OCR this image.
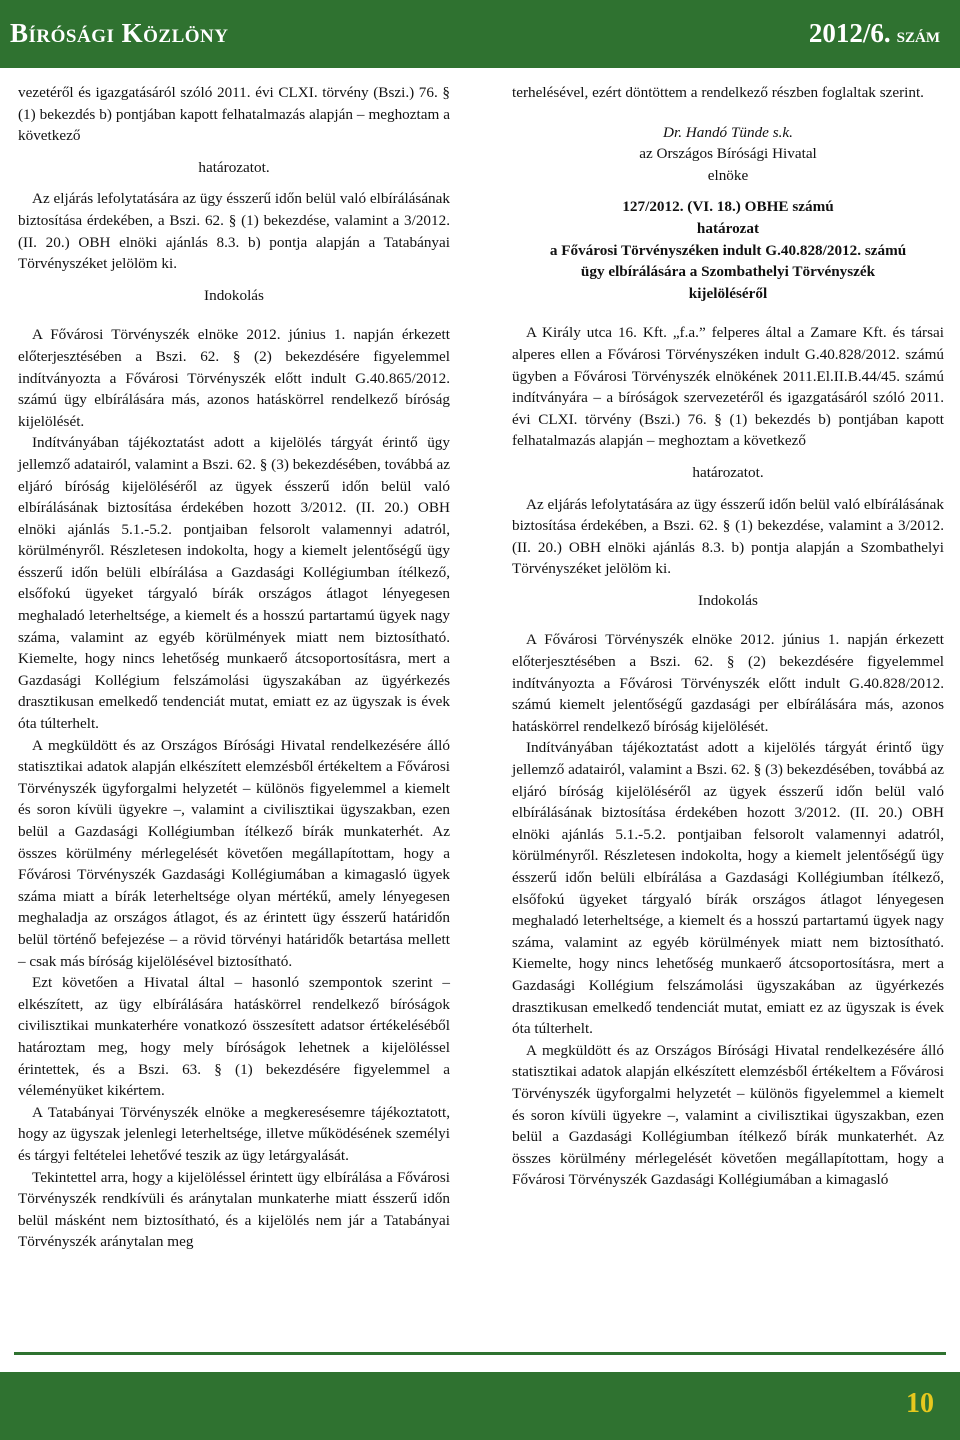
Bírósági Közlöny	2012/6. szám

vezetéről és igazgatásáról szóló 2011. évi CLXI. törvény (Bszi.) 76. § (1) bekezdés b) pontjában kapott felhatalmazás alapján – meghoztam a következő

határozatot.

Az eljárás lefolytatására az ügy ésszerű időn belül való elbírálásának biztosítása érdekében, a Bszi. 62. § (1) bekezdése, valamint a 3/2012. (II. 20.) OBH elnöki ajánlás 8.3. b) pontja alapján a Tatabányai Törvényszéket jelölöm ki.

Indokolás

A Fővárosi Törvényszék elnöke 2012. június 1. napján érkezett előterjesztésében a Bszi. 62. § (2) bekezdésére figyelemmel indítványozta a Fővárosi Törvényszék előtt indult G.40.865/2012. számú ügy elbírálására más, azonos hatáskörrel rendelkező bíróság kijelölését.

Indítványában tájékoztatást adott a kijelölés tárgyát érintő ügy jellemző adatairól, valamint a Bszi. 62. § (3) bekezdésében, továbbá az eljáró bíróság kijelöléséről az ügyek ésszerű időn belül való elbírálásának biztosítása érdekében hozott 3/2012. (II. 20.) OBH elnöki ajánlás 5.1.-5.2. pontjaiban felsorolt valamennyi adatról, körülményről. Részletesen indokolta, hogy a kiemelt jelentőségű ügy ésszerű időn belüli elbírálása a Gazdasági Kollégiumban ítélkező, elsőfokú ügyeket tárgyaló bírák országos átlagot lényegesen meghaladó leterheltsége, a kiemelt és a hosszú partartamú ügyek nagy száma, valamint az egyéb körülmények miatt nem biztosítható. Kiemelte, hogy nincs lehetőség munkaerő átcsoportosításra, mert a Gazdasági Kollégium felszámolási ügyszakában az ügyérkezés drasztikusan emelkedő tendenciát mutat, emiatt ez az ügyszak is évek óta túlterhelt.

A megküldött és az Országos Bírósági Hivatal rendelkezésére álló statisztikai adatok alapján elkészített elemzésből értékeltem a Fővárosi Törvényszék ügyforgalmi helyzetét – különös figyelemmel a kiemelt és soron kívüli ügyekre –, valamint a civilisztikai ügyszakban, ezen belül a Gazdasági Kollégiumban ítélkező bírák munkaterhét. Az összes körülmény mérlegelését követően megállapítottam, hogy a Fővárosi Törvényszék Gazdasági Kollégiumában a kimagasló ügyek száma miatt a bírák leterheltsége olyan mértékű, amely lényegesen meghaladja az országos átlagot, és az érintett ügy ésszerű határidőn belül történő befejezése – a rövid törvényi határidők betartása mellett – csak más bíróság kijelölésével biztosítható.

Ezt követően a Hivatal által – hasonló szempontok szerint – elkészített, az ügy elbírálására hatáskörrel rendelkező bíróságok civilisztikai munkaterhére vonatkozó összesített adatsor értékeléséből határoztam meg, hogy mely bíróságok lehetnek a kijelöléssel érintettek, és a Bszi. 63. § (1) bekezdésére figyelemmel a véleményüket kikértem.

A Tatabányai Törvényszék elnöke a megkeresésemre tájékoztatott, hogy az ügyszak jelenlegi leterheltsége, illetve működésének személyi és tárgyi feltételei lehetővé teszik az ügy letárgyalását.

Tekintettel arra, hogy a kijelöléssel érintett ügy elbírálása a Fővárosi Törvényszék rendkívüli és aránytalan munkaterhe miatt ésszerű időn belül másként nem biztosítható, és a kijelölés nem jár a Tatabányai Törvényszék aránytalan meg

terhelésével, ezért döntöttem a rendelkező részben foglaltak szerint.

Dr. Handó Tünde s.k.

az Országos Bírósági Hivatal

elnöke

127/2012. (VI. 18.) OBHE számú

határozat

a Fővárosi Törvényszéken indult G.40.828/2012. számú

ügy elbírálására a Szombathelyi Törvényszék

kijelöléséről

A Király utca 16. Kft. „f.a.” felperes által a Zamare Kft. és társai alperes ellen a Fővárosi Törvényszéken indult G.40.828/2012. számú ügyben a Fővárosi Törvényszék elnökének 2011.El.II.B.44/45. számú indítványára – a bíróságok szervezetéről és igazgatásáról szóló 2011. évi CLXI. törvény (Bszi.) 76. § (1) bekezdés b) pontjában kapott felhatalmazás alapján – meghoztam a következő

határozatot.

Az eljárás lefolytatására az ügy ésszerű időn belül való elbírálásának biztosítása érdekében, a Bszi. 62. § (1) bekezdése, valamint a 3/2012. (II. 20.) OBH elnöki ajánlás 8.3. b) pontja alapján a Szombathelyi Törvényszéket jelölöm ki.

Indokolás

A Fővárosi Törvényszék elnöke 2012. június 1. napján érkezett előterjesztésében a Bszi. 62. § (2) bekezdésére figyelemmel indítványozta a Fővárosi Törvényszék előtt indult G.40.828/2012. számú kiemelt jelentőségű gazdasági per elbírálására más, azonos hatáskörrel rendelkező bíróság kijelölését.

Indítványában tájékoztatást adott a kijelölés tárgyát érintő ügy jellemző adatairól, valamint a Bszi. 62. § (3) bekezdésében, továbbá az eljáró bíróság kijelöléséről az ügyek ésszerű időn belül való elbírálásának biztosítása érdekében hozott 3/2012. (II. 20.) OBH elnöki ajánlás 5.1.-5.2. pontjaiban felsorolt valamennyi adatról, körülményről. Részletesen indokolta, hogy a kiemelt jelentőségű ügy ésszerű időn belüli elbírálása a Gazdasági Kollégiumban ítélkező, elsőfokú ügyeket tárgyaló bírák országos átlagot lényegesen meghaladó leterheltsége, a kiemelt és a hosszú partartamú ügyek nagy száma, valamint az egyéb körülmények miatt nem biztosítható. Kiemelte, hogy nincs lehetőség munkaerő átcsoportosításra, mert a Gazdasági Kollégium felszámolási ügyszakában az ügyérkezés drasztikusan emelkedő tendenciát mutat, emiatt ez az ügyszak is évek óta túlterhelt.

A megküldött és az Országos Bírósági Hivatal rendelkezésére álló statisztikai adatok alapján elkészített elemzésből értékeltem a Fővárosi Törvényszék ügyforgalmi helyzetét – különös figyelemmel a kiemelt és soron kívüli ügyekre –, valamint a civilisztikai ügyszakban, ezen belül a Gazdasági Kollégiumban ítélkező bírák munkaterhét. Az összes körülmény mérlegelését követően megállapítottam, hogy a Fővárosi Törvényszék Gazdasági Kollégiumában a kimagasló

10
